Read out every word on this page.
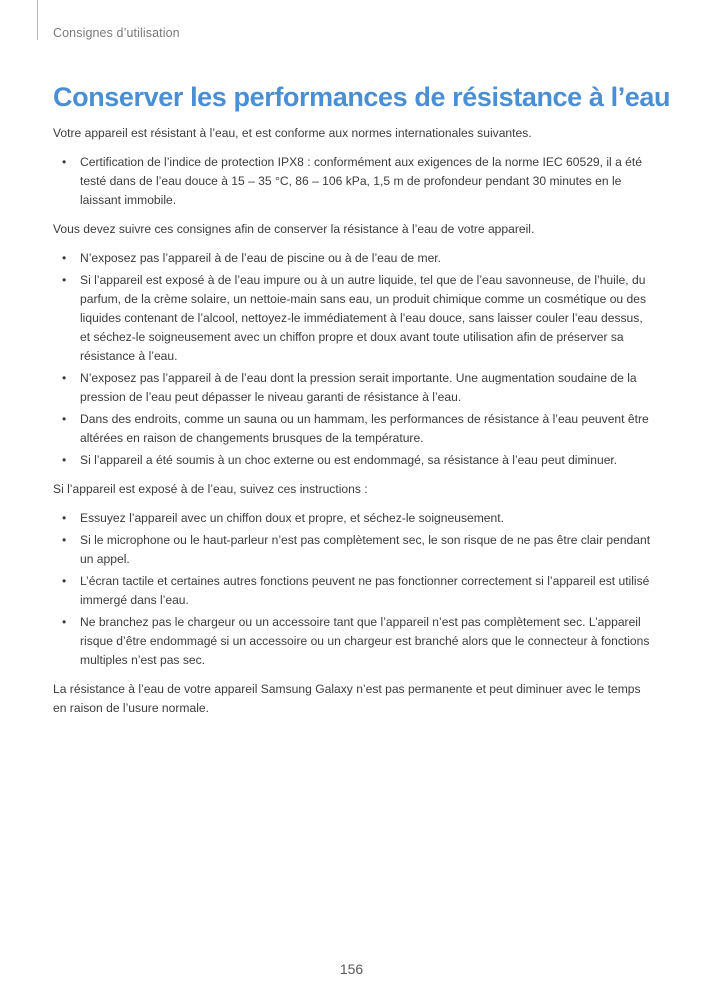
Consignes d’utilisation
Conserver les performances de résistance à l’eau

Votre appareil est résistant à l’eau, et est conforme aux normes internationales suivantes.

• Certification de l’indice de protection IPX8 : conformément aux exigences de la norme IEC 60529, il a été testé dans de l’eau douce à 15 – 35 °C, 86 – 106 kPa, 1,5 m de profondeur pendant 30 minutes en le laissant immobile.

Vous devez suivre ces consignes afin de conserver la résistance à l’eau de votre appareil.

• N’exposez pas l’appareil à de l’eau de piscine ou à de l’eau de mer.
• Si l’appareil est exposé à de l’eau impure ou à un autre liquide, tel que de l’eau savonneuse, de l’huile, du parfum, de la crème solaire, un nettoie-main sans eau, un produit chimique comme un cosmétique ou des liquides contenant de l’alcool, nettoyez-le immédiatement à l’eau douce, sans laisser couler l’eau dessus, et séchez-le soigneusement avec un chiffon propre et doux avant toute utilisation afin de préserver sa résistance à l’eau.
• N’exposez pas l’appareil à de l’eau dont la pression serait importante. Une augmentation soudaine de la pression de l’eau peut dépasser le niveau garanti de résistance à l’eau.
• Dans des endroits, comme un sauna ou un hammam, les performances de résistance à l’eau peuvent être altérées en raison de changements brusques de la température.
• Si l’appareil a été soumis à un choc externe ou est endommagé, sa résistance à l’eau peut diminuer.

Si l’appareil est exposé à de l’eau, suivez ces instructions :

• Essuyez l’appareil avec un chiffon doux et propre, et séchez-le soigneusement.
• Si le microphone ou le haut-parleur n’est pas complètement sec, le son risque de ne pas être clair pendant un appel.
• L’écran tactile et certaines autres fonctions peuvent ne pas fonctionner correctement si l’appareil est utilisé immergé dans l’eau.
• Ne branchez pas le chargeur ou un accessoire tant que l’appareil n’est pas complètement sec. L’appareil risque d’être endommagé si un accessoire ou un chargeur est branché alors que le connecteur à fonctions multiples n’est pas sec.

La résistance à l’eau de votre appareil Samsung Galaxy n’est pas permanente et peut diminuer avec le temps en raison de l’usure normale.

156
